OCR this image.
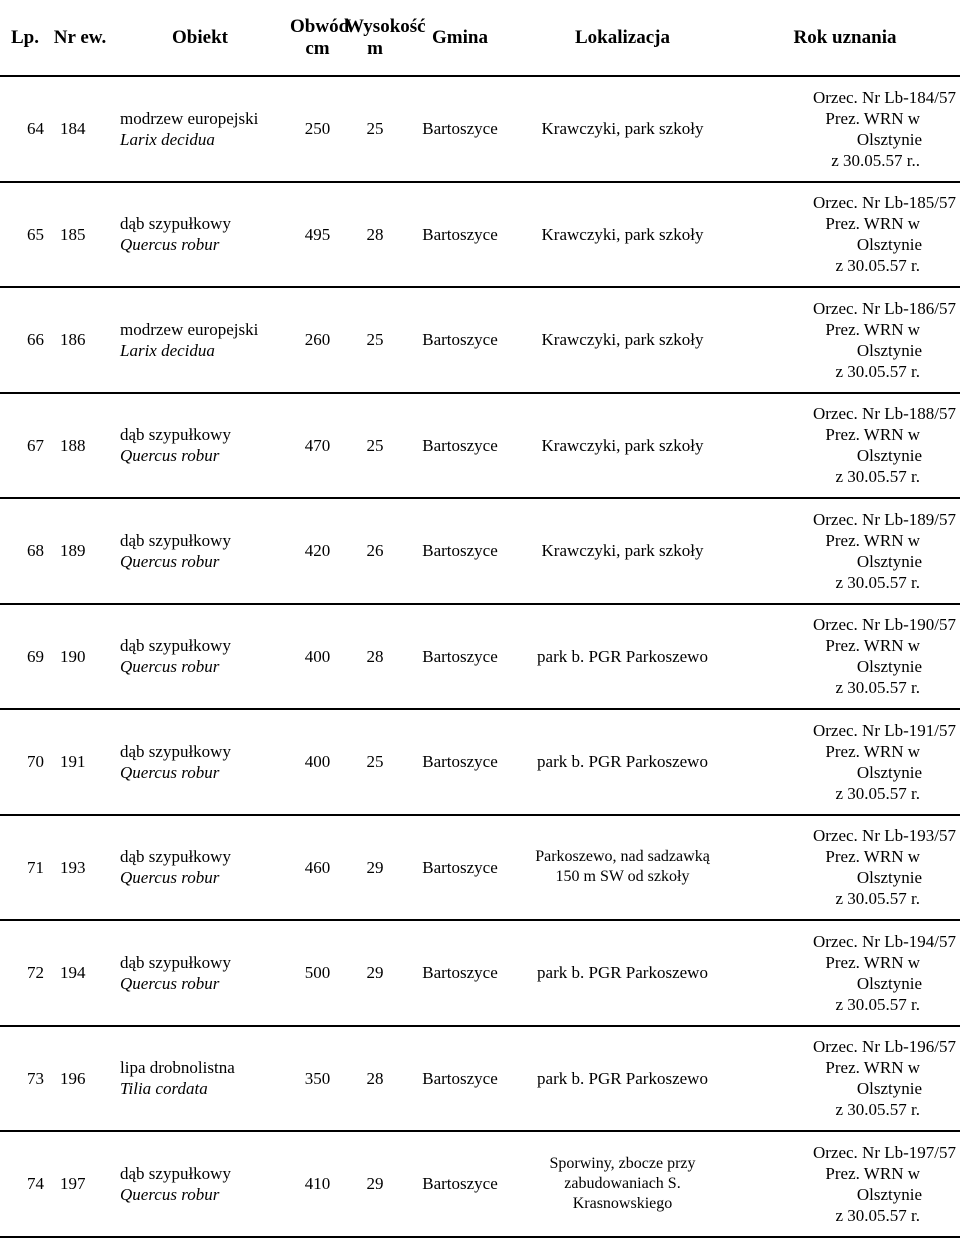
Lp.	Nr ew.	Obiekt	Obwód
cm	Wysokość
m	Gmina	Lokalizacja	Rok uznania
64	184	modrzew europejski
Larix decidua	250	25	Bartoszyce	Krawczyki, park szkoły	Orzec. Nr Lb-184/57
Prez. WRN w
Olsztynie
z 30.05.57 r..

65	185	dąb szypułkowy
Quercus robur	495	28	Bartoszyce	Krawczyki, park szkoły	Orzec. Nr Lb-185/57
Prez. WRN w
Olsztynie
z 30.05.57 r.

66	186	modrzew europejski
Larix decidua	260	25	Bartoszyce	Krawczyki, park szkoły	Orzec. Nr Lb-186/57
Prez. WRN w
Olsztynie
z 30.05.57 r.

67	188	dąb szypułkowy
Quercus robur	470	25	Bartoszyce	Krawczyki, park szkoły	Orzec. Nr Lb-188/57
Prez. WRN w
Olsztynie
z 30.05.57 r.

68	189	dąb szypułkowy
Quercus robur	420	26	Bartoszyce	Krawczyki, park szkoły	Orzec. Nr Lb-189/57
Prez. WRN w
Olsztynie
z 30.05.57 r.

69	190	dąb szypułkowy
Quercus robur	400	28	Bartoszyce	park b. PGR Parkoszewo	Orzec. Nr Lb-190/57
Prez. WRN w
Olsztynie
z 30.05.57 r.

70	191	dąb szypułkowy
Quercus robur	400	25	Bartoszyce	park b. PGR Parkoszewo	Orzec. Nr Lb-191/57
Prez. WRN w
Olsztynie
z 30.05.57 r.

71	193	dąb szypułkowy
Quercus robur	460	29	Bartoszyce	Parkoszewo, nad sadzawką
150 m SW od szkoły	Orzec. Nr Lb-193/57
Prez. WRN w
Olsztynie
z 30.05.57 r.

72	194	dąb szypułkowy
Quercus robur	500	29	Bartoszyce	park b. PGR Parkoszewo	Orzec. Nr Lb-194/57
Prez. WRN w
Olsztynie
z 30.05.57 r.

73	196	lipa drobnolistna
Tilia cordata	350	28	Bartoszyce	park b. PGR Parkoszewo	Orzec. Nr Lb-196/57
Prez. WRN w
Olsztynie
z 30.05.57 r.

74	197	dąb szypułkowy
Quercus robur	410	29	Bartoszyce	Sporwiny, zbocze przy
zabudowaniach S.
Krasnowskiego	Orzec. Nr Lb-197/57
Prez. WRN w
Olsztynie
z 30.05.57 r.
